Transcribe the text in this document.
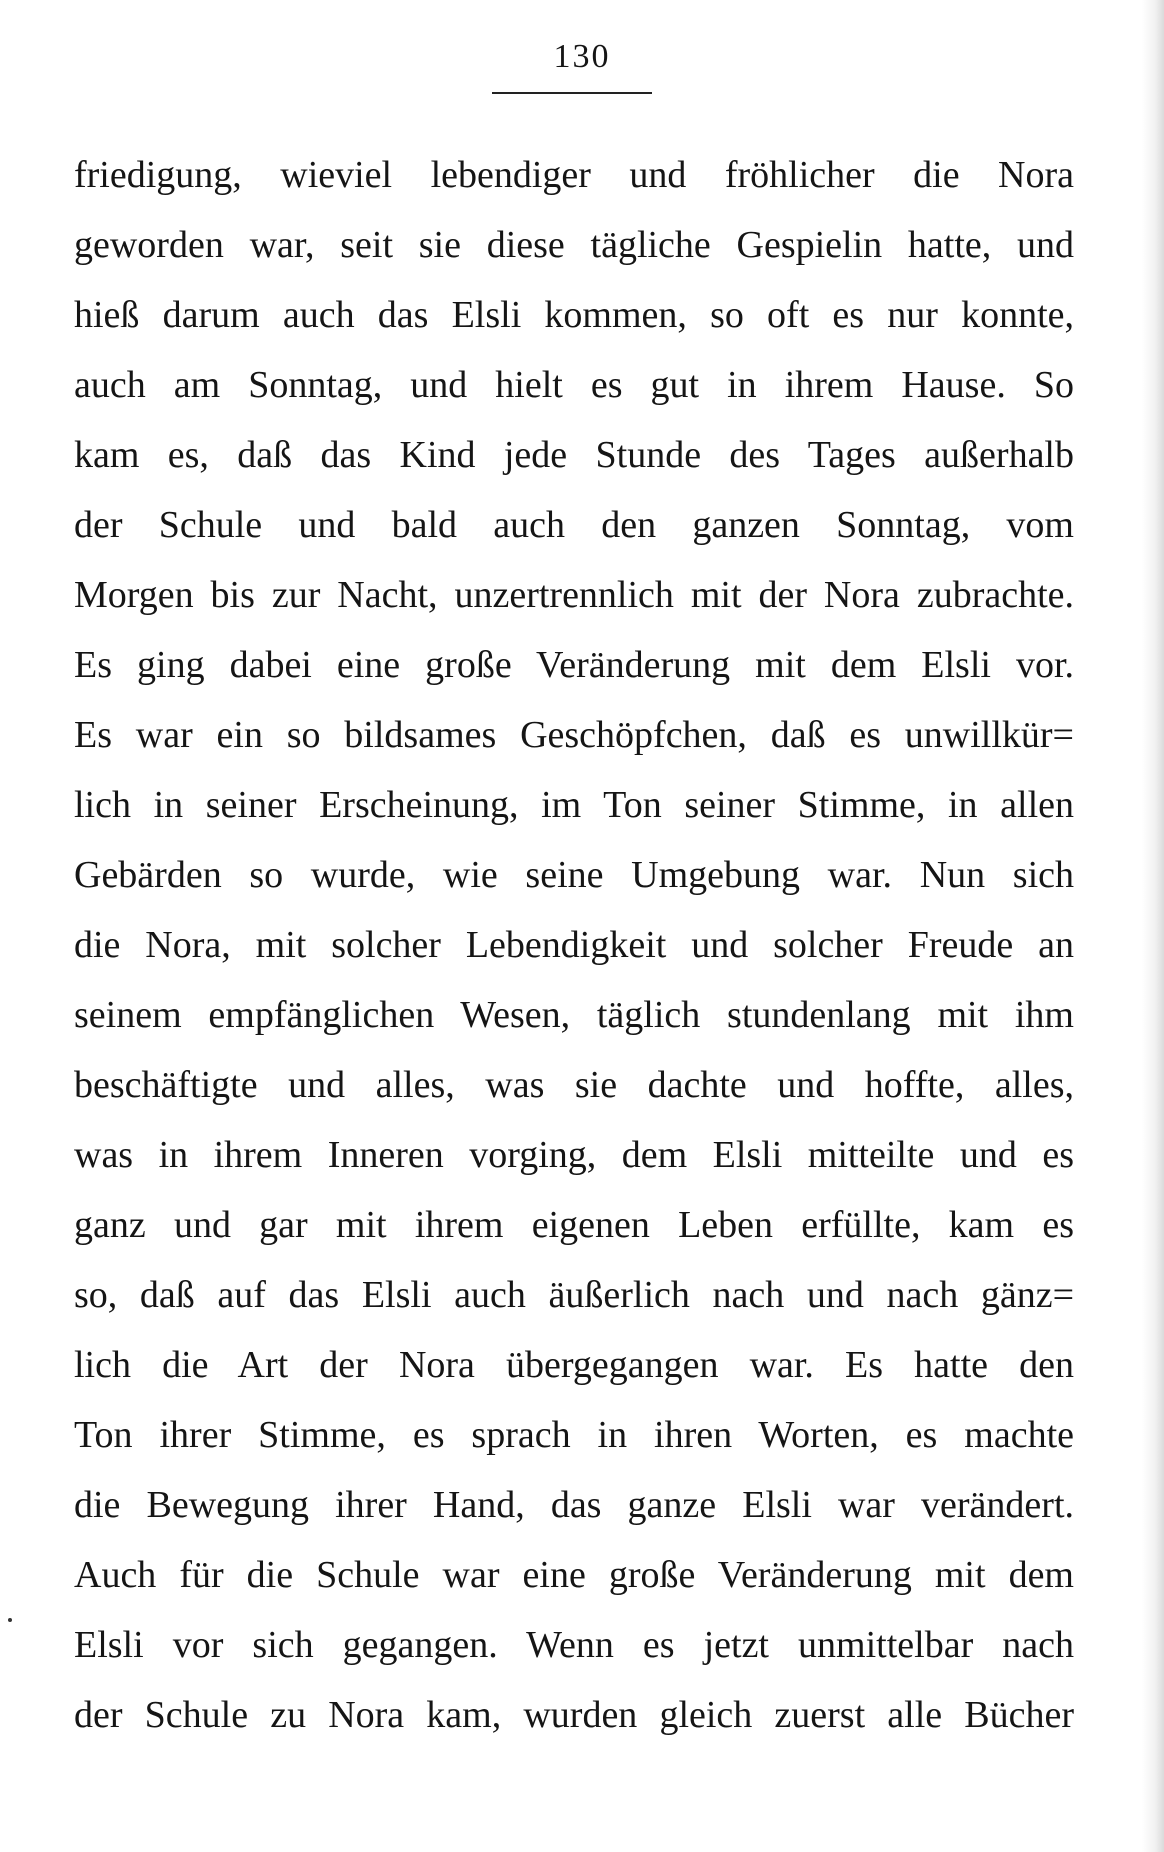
130
friedigung, wieviel lebendiger und fröhlicher die Nora
geworden war, seit sie diese tägliche Gespielin hatte, und
hieß darum auch das Elsli kommen, so oft es nur konnte,
auch am Sonntag, und hielt es gut in ihrem Hause. So
kam es, daß das Kind jede Stunde des Tages außerhalb
der Schule und bald auch den ganzen Sonntag, vom
Morgen bis zur Nacht, unzertrennlich mit der Nora zubrachte.
Es ging dabei eine große Veränderung mit dem Elsli vor.
Es war ein so bildsames Geschöpfchen, daß es unwillkür=
lich in seiner Erscheinung, im Ton seiner Stimme, in allen
Gebärden so wurde, wie seine Umgebung war. Nun sich
die Nora, mit solcher Lebendigkeit und solcher Freude an
seinem empfänglichen Wesen, täglich stundenlang mit ihm
beschäftigte und alles, was sie dachte und hoffte, alles,
was in ihrem Inneren vorging, dem Elsli mitteilte und es
ganz und gar mit ihrem eigenen Leben erfüllte, kam es
so, daß auf das Elsli auch äußerlich nach und nach gänz=
lich die Art der Nora übergegangen war. Es hatte den
Ton ihrer Stimme, es sprach in ihren Worten, es machte
die Bewegung ihrer Hand, das ganze Elsli war verändert.
Auch für die Schule war eine große Veränderung mit dem
Elsli vor sich gegangen. Wenn es jetzt unmittelbar nach
der Schule zu Nora kam, wurden gleich zuerst alle Bücher
